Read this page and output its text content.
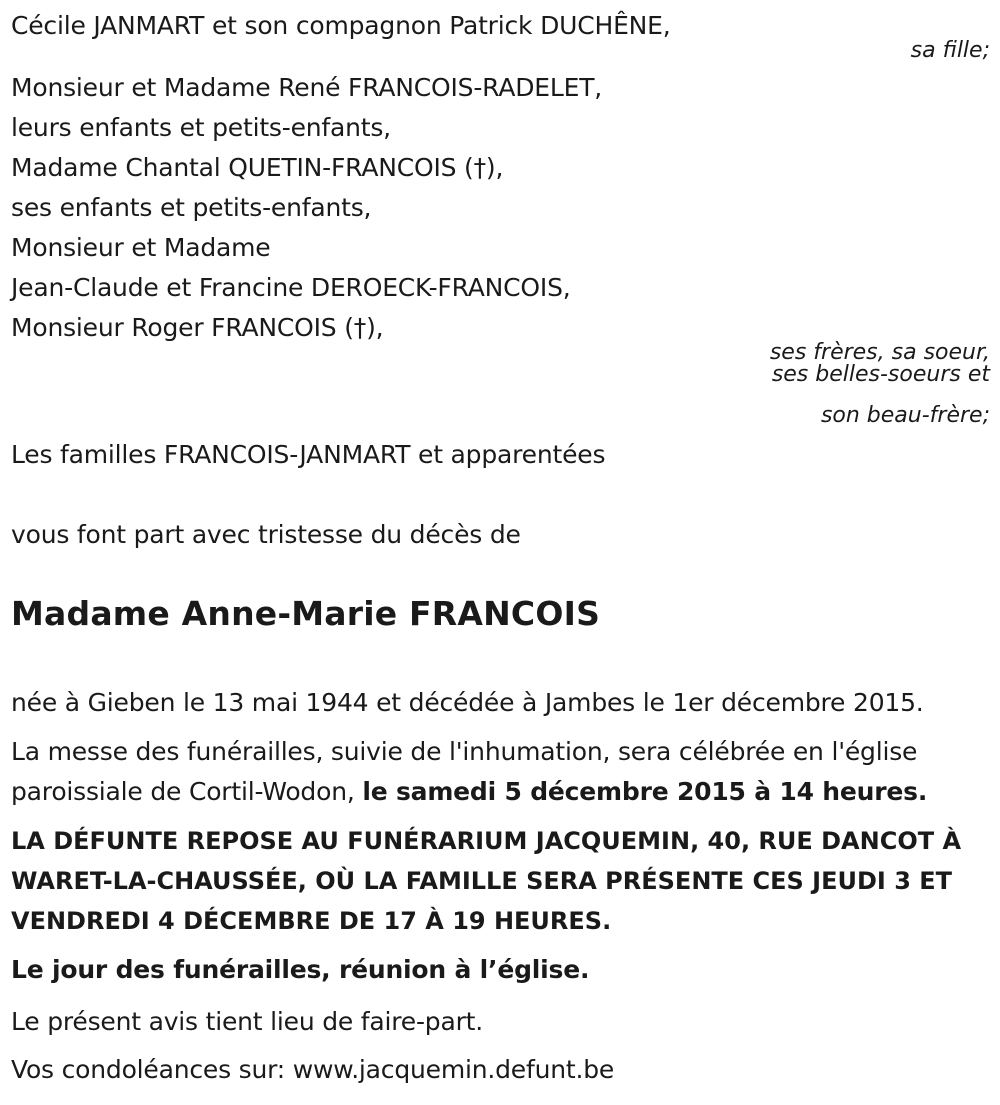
Cécile JANMART et son compagnon Patrick DUCHÊNE,
sa fille;
Monsieur et Madame René FRANCOIS-RADELET,
leurs enfants et petits-enfants,
Madame Chantal QUETIN-FRANCOIS (†),
ses enfants et petits-enfants,
Monsieur et Madame
Jean-Claude et Francine DEROECK-FRANCOIS,
Monsieur Roger FRANCOIS (†),
ses frères, sa soeur,
ses belles-soeurs et
son beau-frère;
Les familles FRANCOIS-JANMART et apparentées
vous font part avec tristesse du décès de
Madame Anne-Marie FRANCOIS
née à Gieben le 13 mai 1944 et décédée à Jambes le 1er décembre 2015.
La messe des funérailles, suivie de l'inhumation, sera célébrée en l'église paroissiale de Cortil-Wodon, le samedi 5 décembre 2015 à 14 heures.
LA DÉFUNTE REPOSE AU FUNÉRARIUM JACQUEMIN, 40, RUE DANCOT À WARET-LA-CHAUSSÉE, OÙ LA FAMILLE SERA PRÉSENTE CES JEUDI 3 ET VENDREDI 4 DÉCEMBRE DE 17 À 19 HEURES.
Le jour des funérailles, réunion à l’église.
Le présent avis tient lieu de faire-part.
Vos condoléances sur: www.jacquemin.defunt.be
